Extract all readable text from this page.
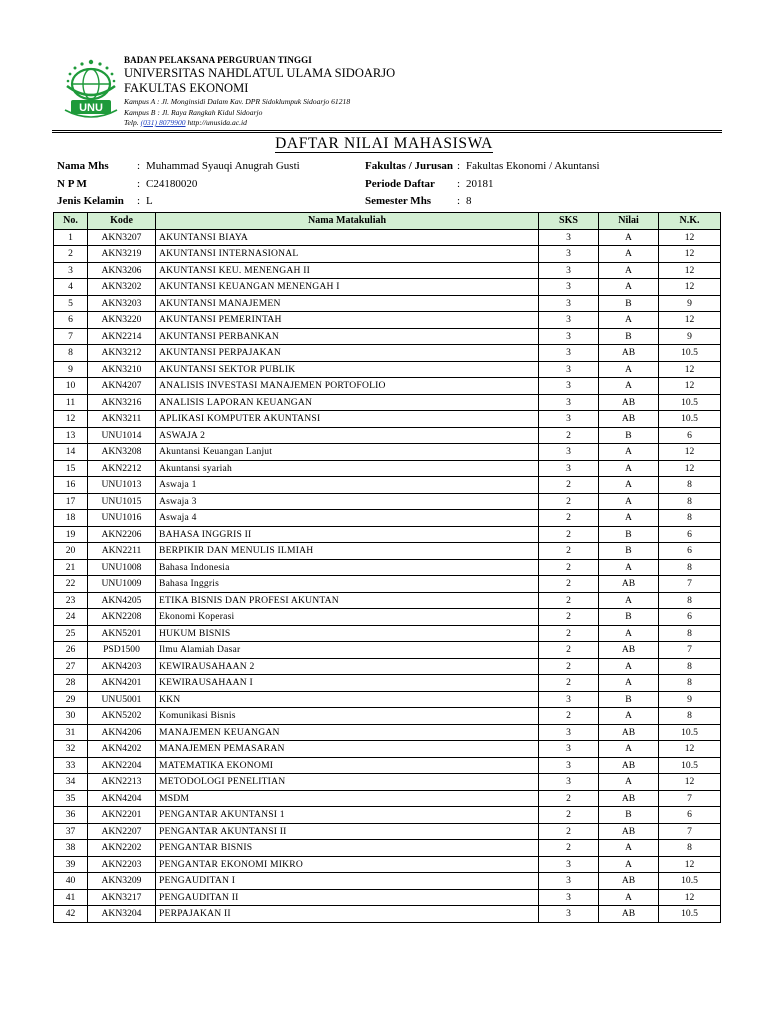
UNU
BADAN PELAKSANA PERGURUAN TINGGI
UNIVERSITAS NAHDLATUL ULAMA SIDOARJO
FAKULTAS EKONOMI
Kampus A : Jl. Monginsidi Dalam Kav. DPR Sidoklumpuk Sidoarjo 61218
Kampus B : Jl. Raya Rangkah Kidul Sidoarjo
Telp. (031) 8079900 http://unusida.ac.id
DAFTAR NILAI MAHASISWA
Nama Mhs	: Muhammad Syauqi Anugrah Gusti
N P M	: C24180020
Jenis Kelamin	: L
Fakultas / Jurusan : Fakultas Ekonomi / Akuntansi
Periode Daftar	: 20181
Semester Mhs	: 8
No.	Kode	Nama Matakuliah	SKS	Nilai	N.K.
1	AKN3207	AKUNTANSI BIAYA	3	A	12
2	AKN3219	AKUNTANSI INTERNASIONAL	3	A	12
3	AKN3206	AKUNTANSI KEU. MENENGAH II	3	A	12
4	AKN3202	AKUNTANSI KEUANGAN MENENGAH I	3	A	12
5	AKN3203	AKUNTANSI MANAJEMEN	3	B	9
6	AKN3220	AKUNTANSI PEMERINTAH	3	A	12
7	AKN2214	AKUNTANSI PERBANKAN	3	B	9
8	AKN3212	AKUNTANSI PERPAJAKAN	3	AB	10.5
9	AKN3210	AKUNTANSI SEKTOR PUBLIK	3	A	12
10	AKN4207	ANALISIS INVESTASI MANAJEMEN PORTOFOLIO	3	A	12
11	AKN3216	ANALISIS LAPORAN KEUANGAN	3	AB	10.5
12	AKN3211	APLIKASI KOMPUTER AKUNTANSI	3	AB	10.5
13	UNU1014	ASWAJA 2	2	B	6
14	AKN3208	Akuntansi Keuangan Lanjut	3	A	12
15	AKN2212	Akuntansi syariah	3	A	12
16	UNU1013	Aswaja 1	2	A	8
17	UNU1015	Aswaja 3	2	A	8
18	UNU1016	Aswaja 4	2	A	8
19	AKN2206	BAHASA INGGRIS II	2	B	6
20	AKN2211	BERPIKIR DAN MENULIS ILMIAH	2	B	6
21	UNU1008	Bahasa Indonesia	2	A	8
22	UNU1009	Bahasa Inggris	2	AB	7
23	AKN4205	ETIKA BISNIS DAN PROFESI AKUNTAN	2	A	8
24	AKN2208	Ekonomi Koperasi	2	B	6
25	AKN5201	HUKUM BISNIS	2	A	8
26	PSD1500	Ilmu Alamiah Dasar	2	AB	7
27	AKN4203	KEWIRAUSAHAAN 2	2	A	8
28	AKN4201	KEWIRAUSAHAAN I	2	A	8
29	UNU5001	KKN	3	B	9
30	AKN5202	Komunikasi Bisnis	2	A	8
31	AKN4206	MANAJEMEN KEUANGAN	3	AB	10.5
32	AKN4202	MANAJEMEN PEMASARAN	3	A	12
33	AKN2204	MATEMATIKA EKONOMI	3	AB	10.5
34	AKN2213	METODOLOGI PENELITIAN	3	A	12
35	AKN4204	MSDM	2	AB	7
36	AKN2201	PENGANTAR AKUNTANSI 1	2	B	6
37	AKN2207	PENGANTAR AKUNTANSI II	2	AB	7
38	AKN2202	PENGANTAR BISNIS	2	A	8
39	AKN2203	PENGANTAR EKONOMI MIKRO	3	A	12
40	AKN3209	PENGAUDITAN I	3	AB	10.5
41	AKN3217	PENGAUDITAN II	3	A	12
42	AKN3204	PERPAJAKAN II	3	AB	10.5
